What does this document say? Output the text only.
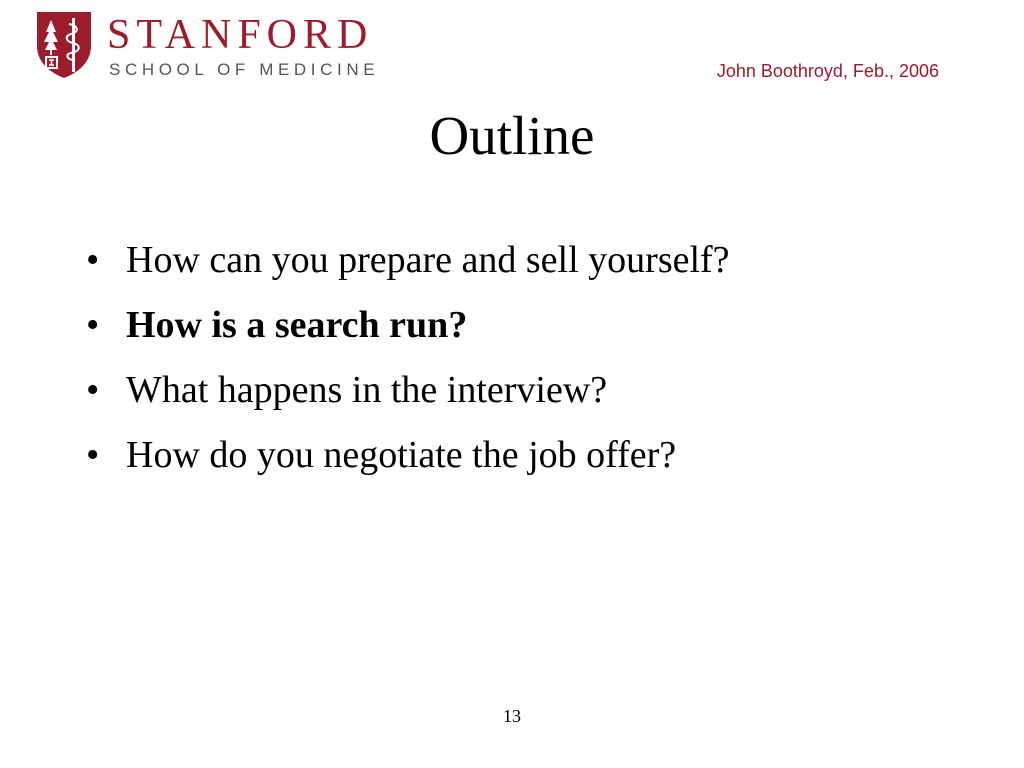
STANFORD
SCHOOL OF MEDICINE	John Boothroyd, Feb., 2006
Outline
• How can you prepare and sell yourself?
• How is a search run?
• What happens in the interview?
• How do you negotiate the job offer?
13
